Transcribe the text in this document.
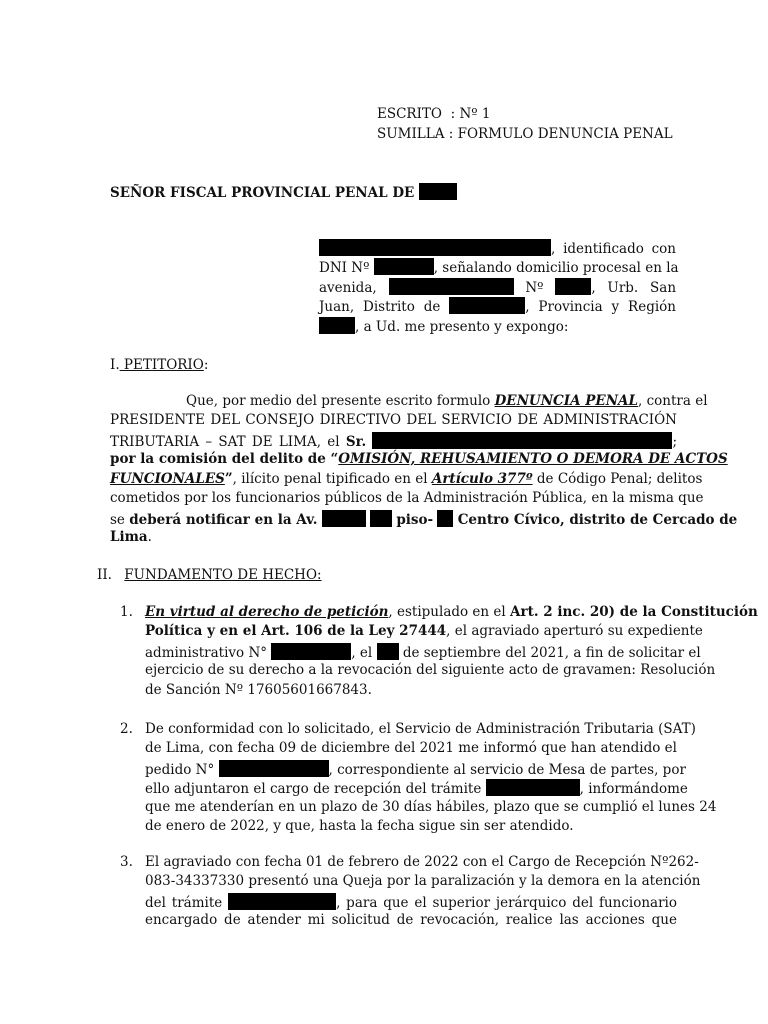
ESCRITO : Nº 1
SUMILLA : FORMULO DENUNCIA PENAL
SEÑOR FISCAL PROVINCIAL PENAL DE
, identificado con
DNI Nº	, señalando domicilio procesal en la
avenida,	Nº	, Urb. San
Juan, Distrito de	, Provincia y Región
, a Ud. me presento y expongo:
I. PETITORIO:
Que, por medio del presente escrito formulo DENUNCIA PENAL, contra el
PRESIDENTE DEL CONSEJO DIRECTIVO DEL SERVICIO DE ADMINISTRACIÓN
TRIBUTARIA – SAT DE LIMA, el Sr.	;
por la comisión del delito de “OMISIÓN, REHUSAMIENTO O DEMORA DE ACTOS
FUNCIONALES”, ilícito penal tipificado en el Artículo 377º de Código Penal; delitos
cometidos por los funcionarios públicos de la Administración Pública, en la misma que
se deberá notificar en la Av.	piso- Centro Cívico, distrito de Cercado de
Lima.
II. FUNDAMENTO DE HECHO:
1. En virtud al derecho de petición, estipulado en el Art. 2 inc. 20) de la Constitución
Política y en el Art. 106 de la Ley 27444, el agraviado aperturó su expediente
administrativo N°	, el de septiembre del 2021, a fin de solicitar el
ejercicio de su derecho a la revocación del siguiente acto de gravamen: Resolución
de Sanción Nº 17605601667843.
2. De conformidad con lo solicitado, el Servicio de Administración Tributaria (SAT)
de Lima, con fecha 09 de diciembre del 2021 me informó que han atendido el
pedido N°	, correspondiente al servicio de Mesa de partes, por
ello adjuntaron el cargo de recepción del trámite	, informándome
que me atenderían en un plazo de 30 días hábiles, plazo que se cumplió el lunes 24
de enero de 2022, y que, hasta la fecha sigue sin ser atendido.
3. El agraviado con fecha 01 de febrero de 2022 con el Cargo de Recepción Nº262-
083-34337330 presentó una Queja por la paralización y la demora en la atención
del trámite	, para que el superior jerárquico del funcionario
encargado de atender mi solicitud de revocación, realice las acciones que
